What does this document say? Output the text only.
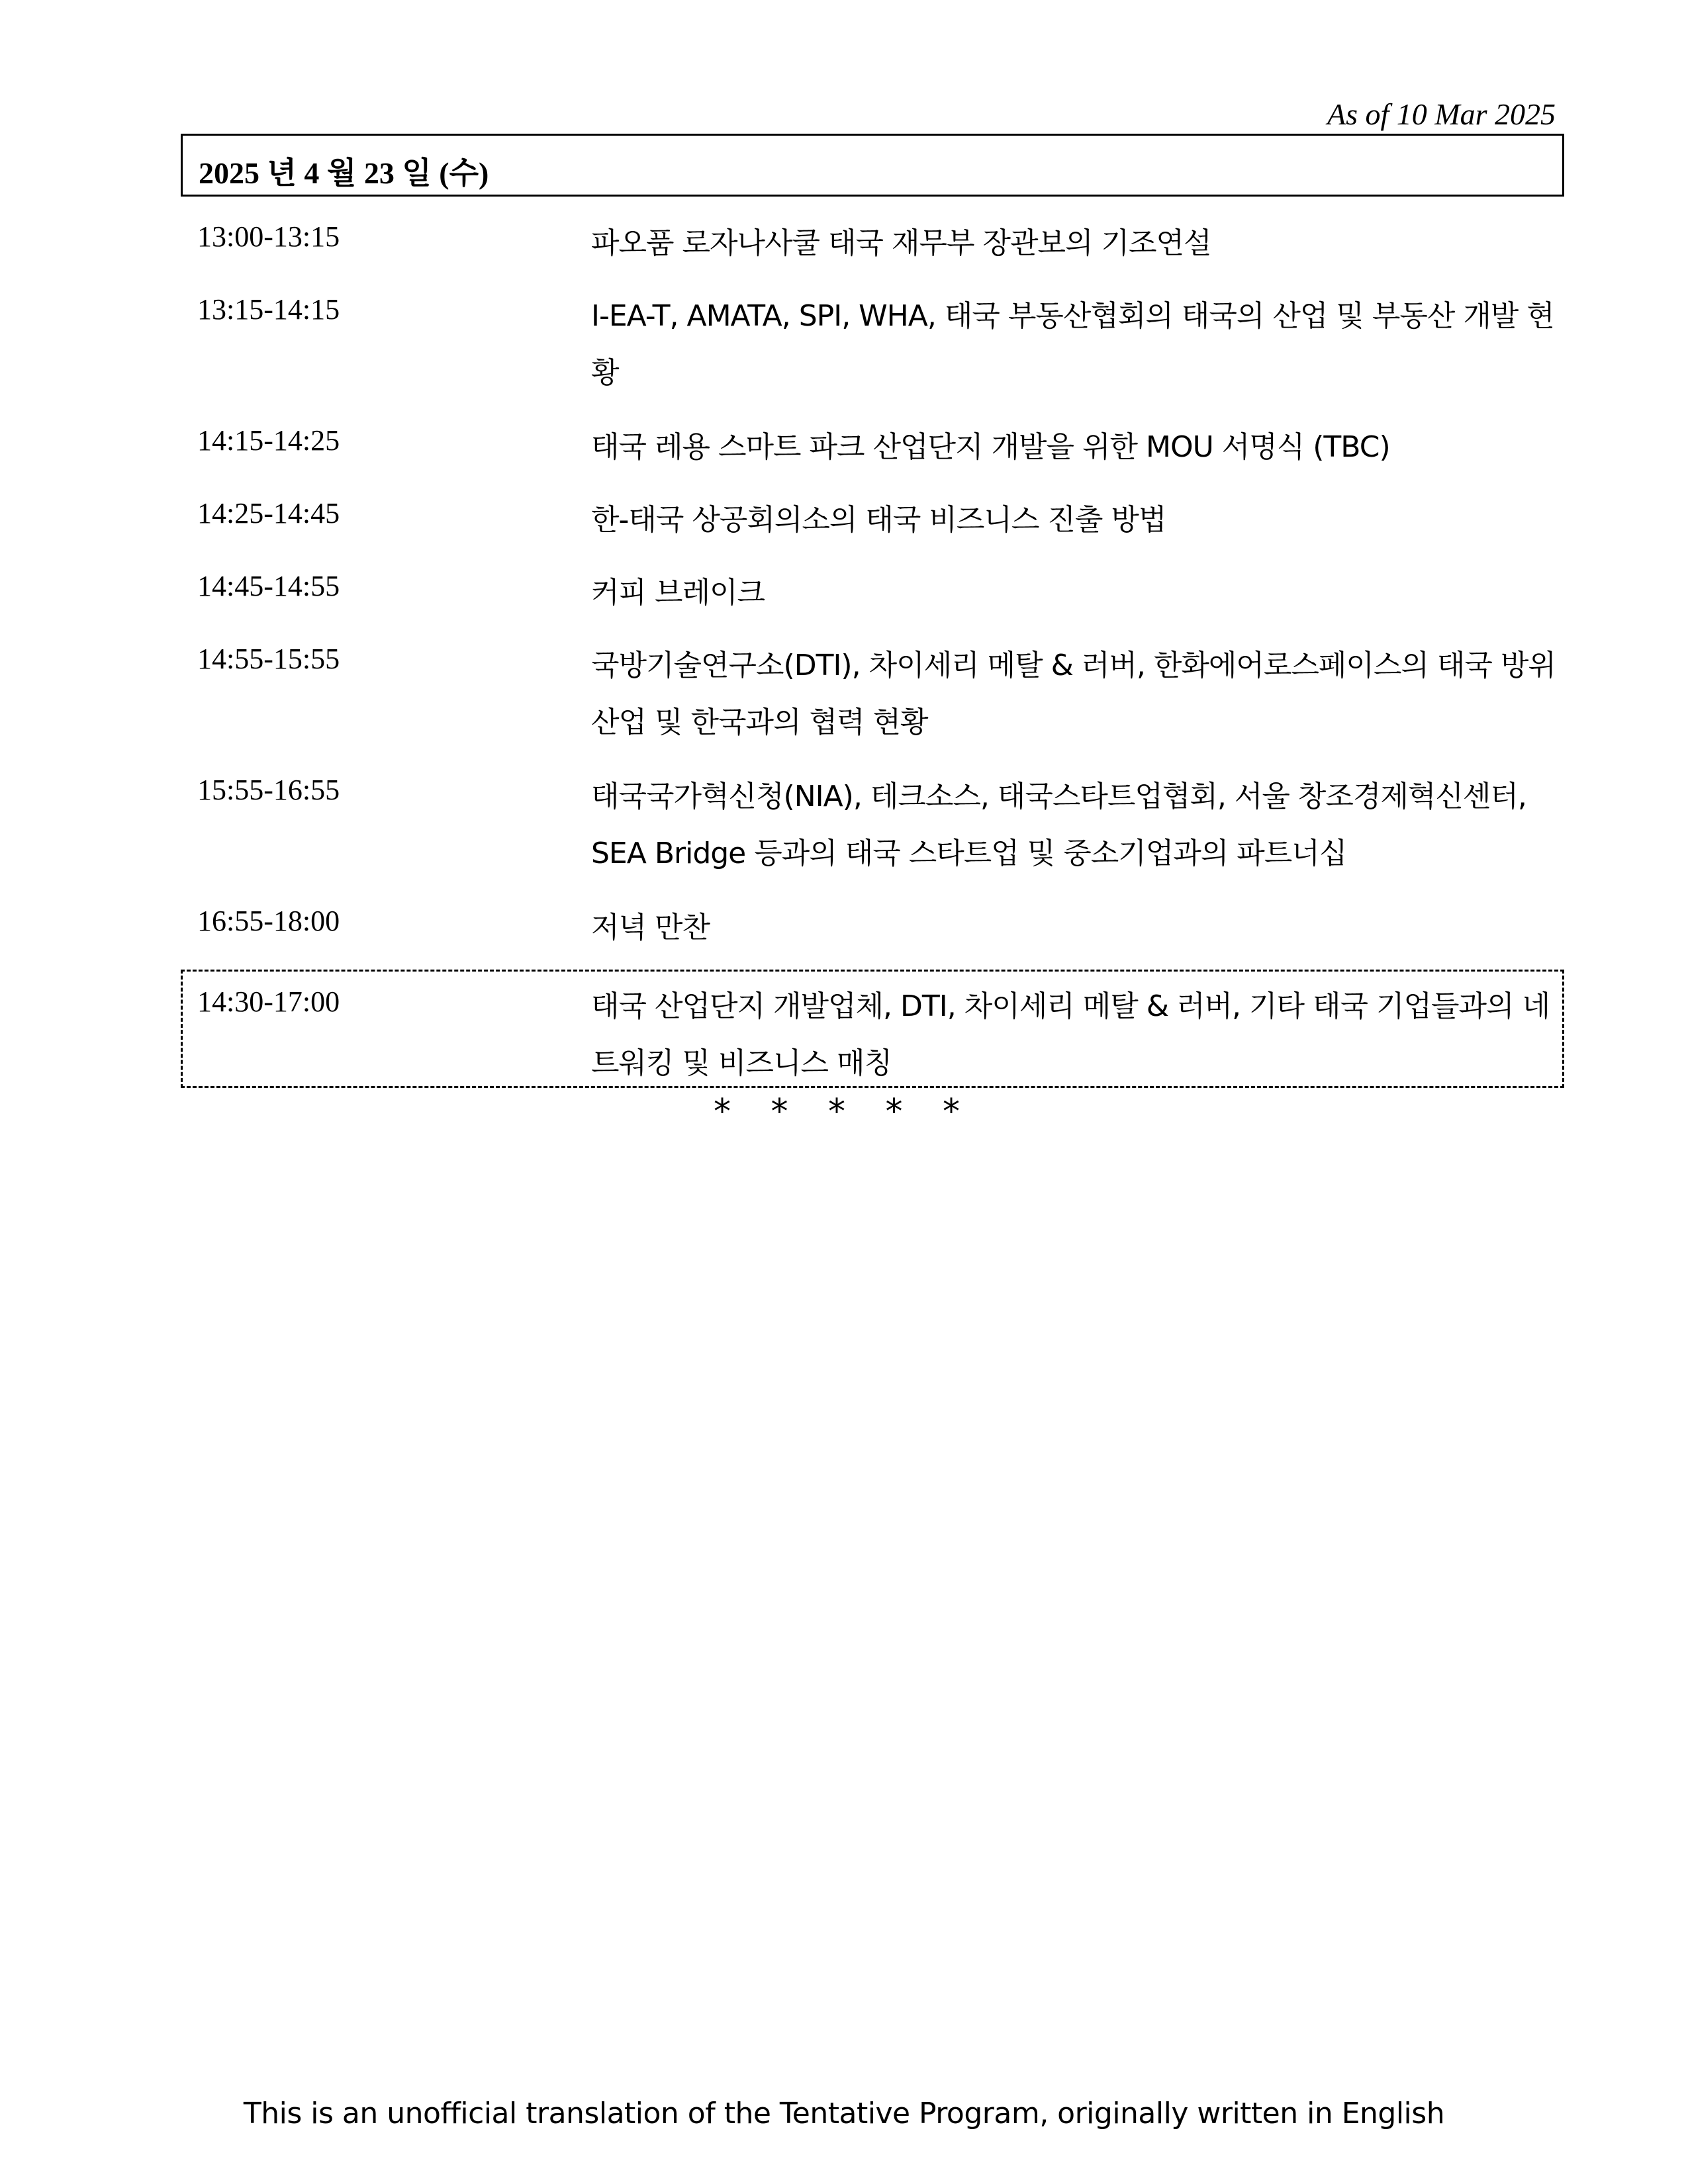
As of 10 Mar 2025
2025 년 4 월 23 일 (수)
13:00-13:15	파오품 로자나사쿨 태국 재무부 장관보의 기조연설
13:15-14:15	I-EA-T, AMATA, SPI, WHA, 태국 부동산협회의 태국의 산업 및 부동산 개발 현황
14:15-14:25	태국 레용 스마트 파크 산업단지 개발을 위한 MOU 서명식 (TBC)
14:25-14:45	한-태국 상공회의소의 태국 비즈니스 진출 방법
14:45-14:55	커피 브레이크
14:55-15:55	국방기술연구소(DTI), 차이세리 메탈 & 러버, 한화에어로스페이스의 태국 방위 산업 및 한국과의 협력 현황
15:55-16:55	태국국가혁신청(NIA), 테크소스, 태국스타트업협회, 서울 창조경제혁신센터, SEA Bridge 등과의 태국 스타트업 및 중소기업과의 파트너십
16:55-18:00	저녁 만찬
14:30-17:00	태국 산업단지 개발업체, DTI, 차이세리 메탈 & 러버, 기타 태국 기업들과의 네트워킹 및 비즈니스 매칭
* * * * *
This is an unofficial translation of the Tentative Program, originally written in English
